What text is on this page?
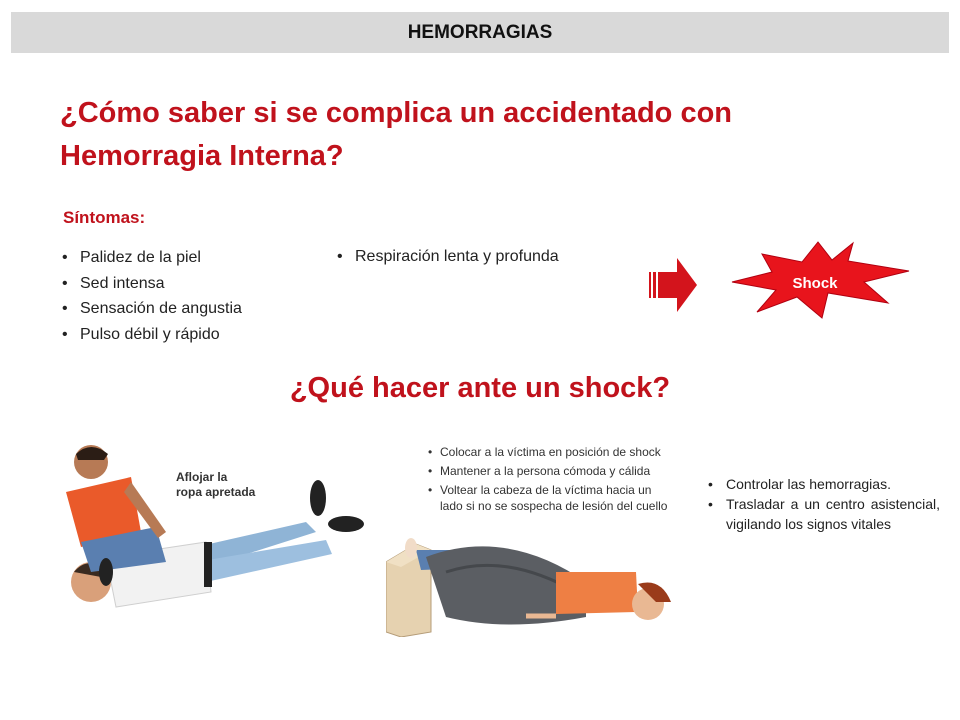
HEMORRAGIAS
¿Cómo saber si se complica un accidentado con Hemorragia Interna?
Síntomas:
• Palidez de la piel
• Sed intensa
• Sensación de angustia
• Pulso débil y rápido
• Respiración lenta y profunda
Shock
¿Qué hacer ante un shock?
Aflojar la
ropa apretada
• Colocar a la víctima en posición de shock
• Mantener a la persona cómoda y cálida
• Voltear la cabeza de la víctima hacia un lado si no se sospecha de lesión del cuello
• Controlar las hemorragias.
• Trasladar a un centro asistencial, vigilando los signos vitales
